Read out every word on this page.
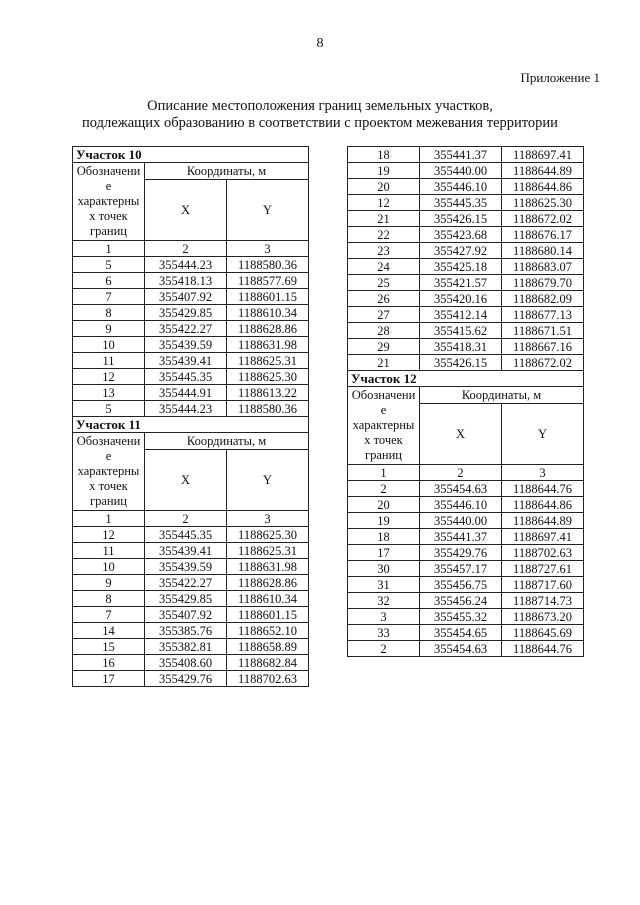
8
Приложение 1
Описание местоположения границ земельных участков,
подлежащих образованию в соответствии с проектом межевания территории
Участок 10		
Обозначени е характерны х точек границ	Координаты, м	
	X	Y
1	2	3
5	355444.23	1188580.36
6	355418.13	1188577.69
7	355407.92	1188601.15
8	355429.85	1188610.34
9	355422.27	1188628.86
10	355439.59	1188631.98
11	355439.41	1188625.31
12	355445.35	1188625.30
13	355444.91	1188613.22
5	355444.23	1188580.36
Участок 11		
Обозначени е характерны х точек границ	Координаты, м	
	X	Y
1	2	3
12	355445.35	1188625.30
11	355439.41	1188625.31
10	355439.59	1188631.98
9	355422.27	1188628.86
8	355429.85	1188610.34
7	355407.92	1188601.15
14	355385.76	1188652.10
15	355382.81	1188658.89
16	355408.60	1188682.84
17	355429.76	1188702.63
18	355441.37	1188697.41
19	355440.00	1188644.89
20	355446.10	1188644.86
12	355445.35	1188625.30
21	355426.15	1188672.02
22	355423.68	1188676.17
23	355427.92	1188680.14
24	355425.18	1188683.07
25	355421.57	1188679.70
26	355420.16	1188682.09
27	355412.14	1188677.13
28	355415.62	1188671.51
29	355418.31	1188667.16
21	355426.15	1188672.02
Участок 12		
Обозначени е характерны х точек границ	Координаты, м	
	X	Y
1	2	3
2	355454.63	1188644.76
20	355446.10	1188644.86
19	355440.00	1188644.89
18	355441.37	1188697.41
17	355429.76	1188702.63
30	355457.17	1188727.61
31	355456.75	1188717.60
32	355456.24	1188714.73
3	355455.32	1188673.20
33	355454.65	1188645.69
2	355454.63	1188644.76
